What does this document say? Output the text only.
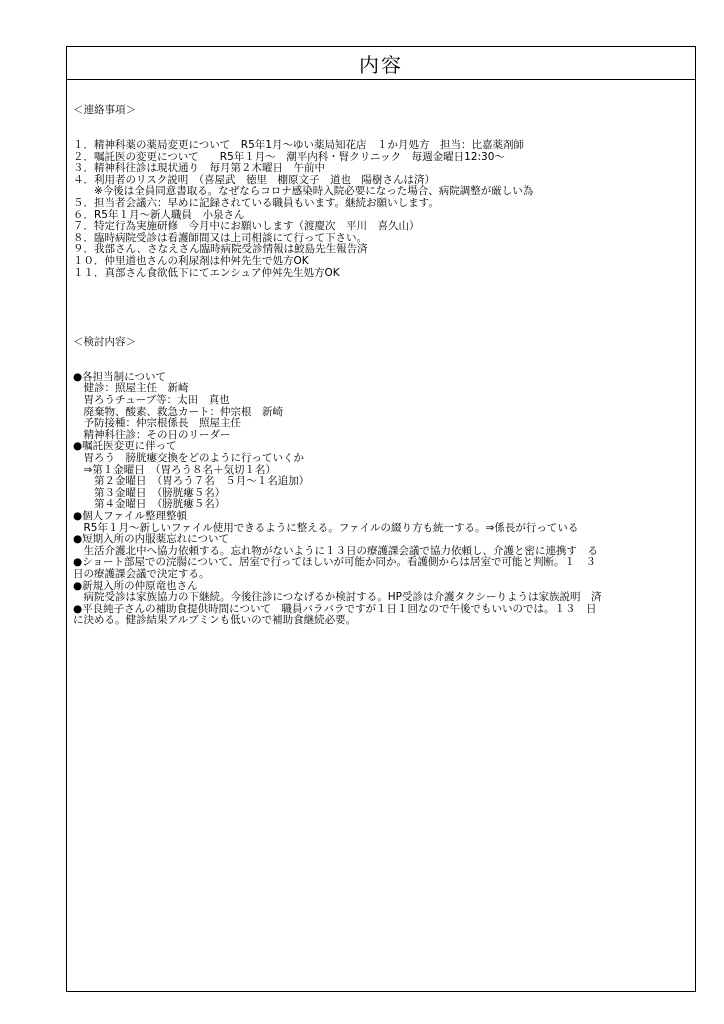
内容

＜連絡事項＞

１．精神科薬の薬局変更について　R5年1月〜ゆい薬局知花店　１か月処方　担当：比嘉薬剤師
２．嘱託医の変更について　　R5年１月〜　潮平内科・腎クリニック　毎週金曜日12:30〜
３．精神科往診は現状通り　毎月第２木曜日　午前中
４．利用者のリスク説明　（喜屋武　徳里　棚原文子　道也　陽樹さんは済）
　　※今後は全員同意書取る。なぜならコロナ感染時入院必要になった場合、病院調整が厳しい為
５．担当者会議六：早めに記録されている職員もいます。継続お願いします。
６．R5年１月〜新人職員　小泉さん
７．特定行為実施研修　今月中にお願いします（渡慶次　平川　喜久山）
８．臨時病院受診は看護師間又は上司相談にて行って下さい。
９．我部さん、さなえさん臨時病院受診情報は鮫島先生報告済
１０．仲里道也さんの利尿剤は仲舛先生で処方OK
１１．真部さん食欲低下にてエンシュア仲舛先生処方OK

＜検討内容＞

●各担当制について
　健診：照屋主任　新崎
　胃ろうチューブ等：太田　真也
　廃棄物、酸素、救急カート：仲宗根　新崎
　予防接種：仲宗根係長　照屋主任
　精神科往診：その日のリーダー
●嘱託医変更に伴って
　胃ろう　膀胱瘻交換をどのように行っていくか
　⇒第１金曜日　（胃ろう８名＋気切１名）
　　第２金曜日　（胃ろう７名　５月〜１名追加）
　　第３金曜日　（膀胱瘻５名）
　　第４金曜日　（膀胱瘻５名）
●個人ファイル整理整頓
　R5年１月〜新しいファイル使用できるように整える。ファイルの綴り方も統一する。⇒係長が行っている
●短期入所の内服薬忘れについて
　生活介護北中へ協力依頼する。忘れ物がないように１３日の療護課会議で協力依頼し、介護と密に連携す　る
●ショート部屋での浣腸について、居室で行ってほしいが可能か同か。看護側からは居室で可能と判断。１　３
日の療護課会議で決定する。
●新規入所の仲原竜也さん
　病院受診は家族協力の下継続。今後往診につなげるか検討する。HP受診は介護タクシーりようは家族説明　済
●平良純子さんの補助食提供時間について　職員バラバラですが１日１回なので午後でもいいのでは。１３　日
に決める。健診結果アルブミンも低いので補助食継続必要。
